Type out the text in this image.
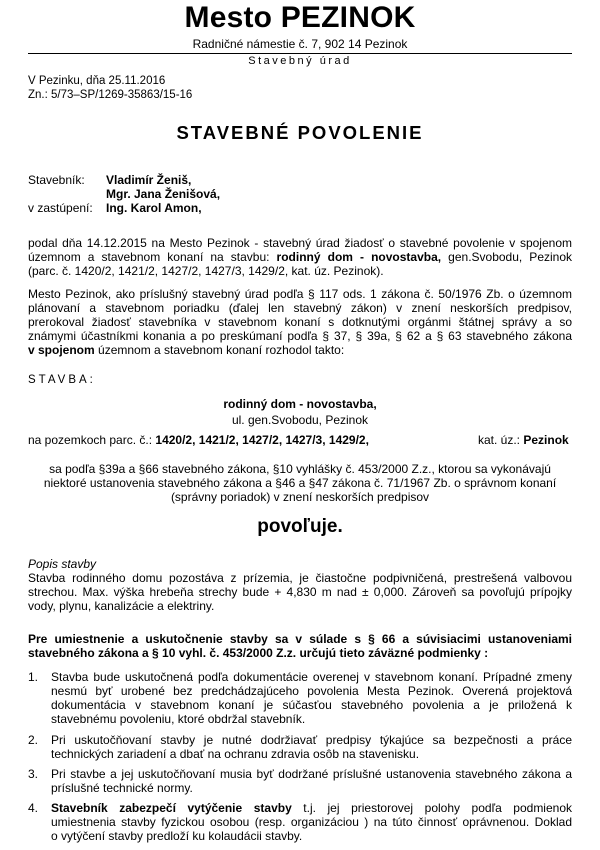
Mesto PEZINOK
Radničné námestie č. 7, 902 14 Pezinok
Stavebný úrad
V Pezinku, dňa 25.11.2016
Zn.: 5/73–SP/1269-35863/15-16
STAVEBNÉ POVOLENIE
Stavebník: Vladimír Ženiš,
Mgr. Jana Ženišová,
v zastúpení: Ing. Karol Amon,
podal dňa 14.12.2015 na Mesto Pezinok - stavebný úrad žiadosť o stavebné povolenie v spojenom
územnom a stavebnom konaní na stavbu: rodinný dom - novostavba, gen.Svobodu, Pezinok
(parc. č. 1420/2, 1421/2, 1427/2, 1427/3, 1429/2, kat. úz. Pezinok).
Mesto Pezinok, ako príslušný stavebný úrad podľa § 117 ods. 1 zákona č. 50/1976 Zb. o územnom
plánovaní a stavebnom poriadku (ďalej len stavebný zákon) v znení neskorších predpisov,
prerokoval žiadosť stavebníka v stavebnom konaní s dotknutými orgánmi štátnej správy a so
známymi účastníkmi konania a po preskúmaní podľa § 37, § 39a, § 62 a § 63 stavebného zákona
v spojenom územnom a stavebnom konaní rozhodol takto:
STAVBA:
rodinný dom - novostavba,
ul. gen.Svobodu, Pezinok
na pozemkoch parc. č.: 1420/2, 1421/2, 1427/2, 1427/3, 1429/2,	kat. úz.: Pezinok
sa podľa §39a a §66 stavebného zákona, §10 vyhlášky č. 453/2000 Z.z., ktorou sa vykonávajú
niektoré ustanovenia stavebného zákona a §46 a §47 zákona č. 71/1967 Zb. o správnom konaní
(správny poriadok) v znení neskorších predpisov
povoľuje.
Popis stavby
Stavba rodinného domu pozostáva z prízemia, je čiastočne podpivničená, prestrešená valbovou
strechou. Max. výška hrebeňa strechy bude + 4,830 m nad ± 0,000. Zároveň sa povoľujú prípojky
vody, plynu, kanalizácie a elektriny.
Pre umiestnenie a uskutočnenie stavby sa v súlade s § 66 a súvisiacimi ustanoveniami
stavebného zákona a § 10 vyhl. č. 453/2000 Z.z. určujú tieto záväzné podmienky :
1.	Stavba bude uskutočnená podľa dokumentácie overenej v stavebnom konaní. Prípadné zmeny
nesmú byť urobené bez predchádzajúceho povolenia Mesta Pezinok. Overená projektová
dokumentácia v stavebnom konaní je súčasťou stavebného povolenia a je priložená k
stavebnému povoleniu, ktoré obdržal stavebník.
2.	Pri uskutočňovaní stavby je nutné dodržiavať predpisy týkajúce sa bezpečnosti a práce
technických zariadení a dbať na ochranu zdravia osôb na stavenisku.
3.	Pri stavbe a jej uskutočňovaní musia byť dodržané príslušné ustanovenia stavebného zákona a
príslušné technické normy.
4.	Stavebník zabezpečí vytýčenie stavby t.j. jej priestorovej polohy podľa podmienok
umiestnenia stavby fyzickou osobou (resp. organizáciou ) na túto činnosť oprávnenou. Doklad
o vytýčení stavby predloží ku kolaudácii stavby.
